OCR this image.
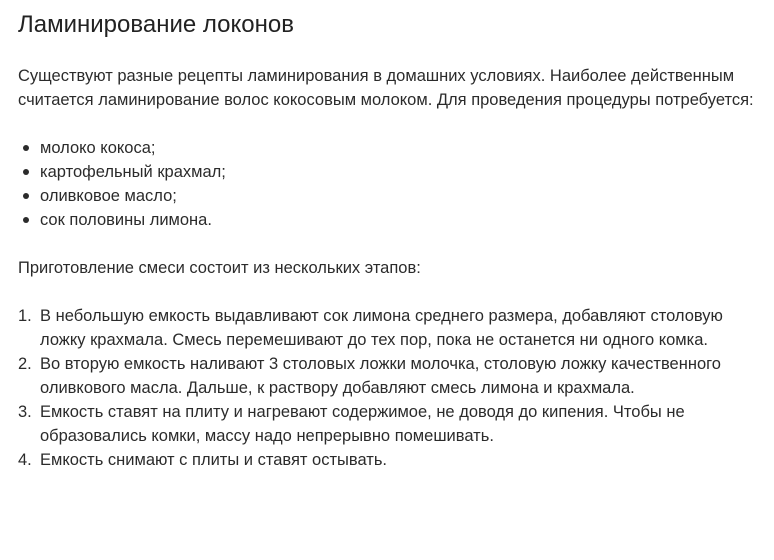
Ламинирование локонов

Существуют разные рецепты ламинирования в домашних условиях. Наиболее действенным считается ламинирование волос кокосовым молоком. Для проведения процедуры потребуется:

молоко кокоса;
картофельный крахмал;
оливковое масло;
сок половины лимона.

Приготовление смеси состоит из нескольких этапов:

1. В небольшую емкость выдавливают сок лимона среднего размера, добавляют столовую ложку крахмала. Смесь перемешивают до тех пор, пока не останется ни одного комка.
2. Во вторую емкость наливают 3 столовых ложки молочка, столовую ложку качественного оливкового масла. Дальше, к раствору добавляют смесь лимона и крахмала.
3. Емкость ставят на плиту и нагревают содержимое, не доводя до кипения. Чтобы не образовались комки, массу надо непрерывно помешивать.
4. Емкость снимают с плиты и ставят остывать.
